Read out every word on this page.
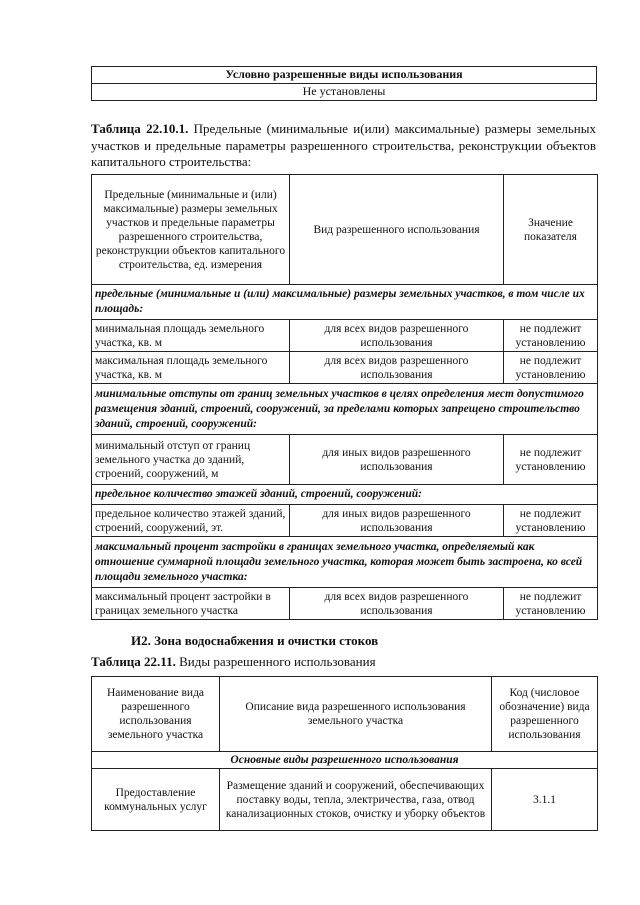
Условно разрешенные виды использования
Не установлены
Таблица 22.10.1. Предельные (минимальные и(или) максимальные) размеры земельных участков и предельные параметры разрешенного строительства, реконструкции объектов капитального строительства:
Предельные (минимальные и (или) максимальные) размеры земельных участков и предельные параметры разрешенного строительства, реконструкции объектов капитального строительства, ед. измерения	Вид разрешенного использования	Значение показателя
предельные (минимальные и (или) максимальные) размеры земельных участков, в том числе их площадь:		
минимальная площадь земельного участка, кв. м	для всех видов разрешенного использования	не подлежит установлению
максимальная площадь земельного участка, кв. м	для всех видов разрешенного использования	не подлежит установлению
минимальные отступы от границ земельных участков в целях определения мест допустимого размещения зданий, строений, сооружений, за пределами которых запрещено строительство зданий, строений, сооружений:		
минимальный отступ от границ земельного участка до зданий, строений, сооружений, м	для иных видов разрешенного использования	не подлежит установлению
предельное количество этажей зданий, строений, сооружений:		
предельное количество этажей зданий, строений, сооружений, эт.	для иных видов разрешенного использования	не подлежит установлению
максимальный процент застройки в границах земельного участка, определяемый как отношение суммарной площади земельного участка, которая может быть застроена, ко всей площади земельного участка:		
максимальный процент застройки в границах земельного участка	для всех видов разрешенного использования	не подлежит установлению
И2. Зона водоснабжения и очистки стоков
Таблица 22.11. Виды разрешенного использования
Наименование вида разрешенного использования земельного участка	Описание вида разрешенного использования земельного участка	Код (числовое обозначение) вида разрешенного использования
Основные виды разрешенного использования		
Предоставление коммунальных услуг	Размещение зданий и сооружений, обеспечивающих поставку воды, тепла, электричества, газа, отвод канализационных стоков, очистку и уборку объектов	3.1.1
